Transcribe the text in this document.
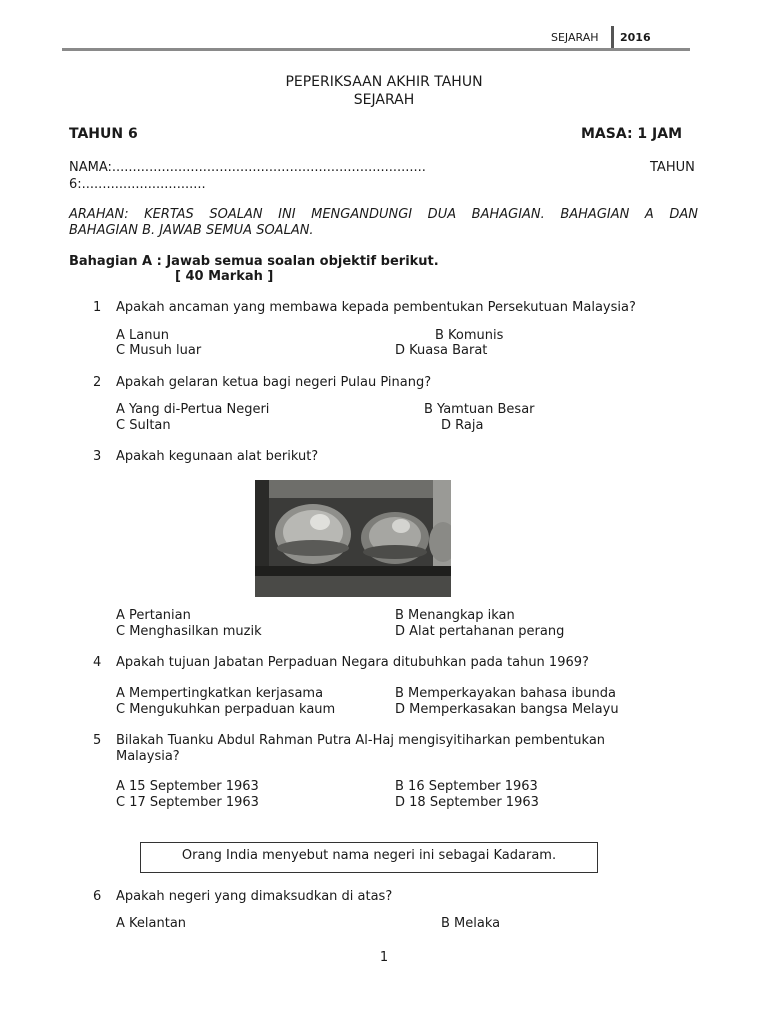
SEJARAH 2016
PEPERIKSAAN AKHIR TAHUN
SEJARAH
TAHUN 6	MASA: 1 JAM
NAMA:............................................................................	TAHUN
6:..............................
ARAHAN: KERTAS SOALAN INI MENGANDUNGI DUA BAHAGIAN. BAHAGIAN A DAN
BAHAGIAN B. JAWAB SEMUA SOALAN.
Bahagian A : Jawab semua soalan objektif berikut.
[ 40 Markah ]
1 Apakah ancaman yang membawa kepada pembentukan Persekutuan Malaysia?
A Lanun	B Komunis
C Musuh luar	D Kuasa Barat
2 Apakah gelaran ketua bagi negeri Pulau Pinang?
A Yang di-Pertua Negeri	B Yamtuan Besar
C Sultan	D Raja
3 Apakah kegunaan alat berikut?
A Pertanian	B Menangkap ikan
C Menghasilkan muzik	D Alat pertahanan perang
4 Apakah tujuan Jabatan Perpaduan Negara ditubuhkan pada tahun 1969?
A Mempertingkatkan kerjasama	B Memperkayakan bahasa ibunda
C Mengukuhkan perpaduan kaum	D Memperkasakan bangsa Melayu
5 Bilakah Tuanku Abdul Rahman Putra Al-Haj mengisyitiharkan pembentukan
Malaysia?
A 15 September 1963	B 16 September 1963
C 17 September 1963	D 18 September 1963
Orang India menyebut nama negeri ini sebagai Kadaram.
6 Apakah negeri yang dimaksudkan di atas?
A Kelantan	B Melaka
1
